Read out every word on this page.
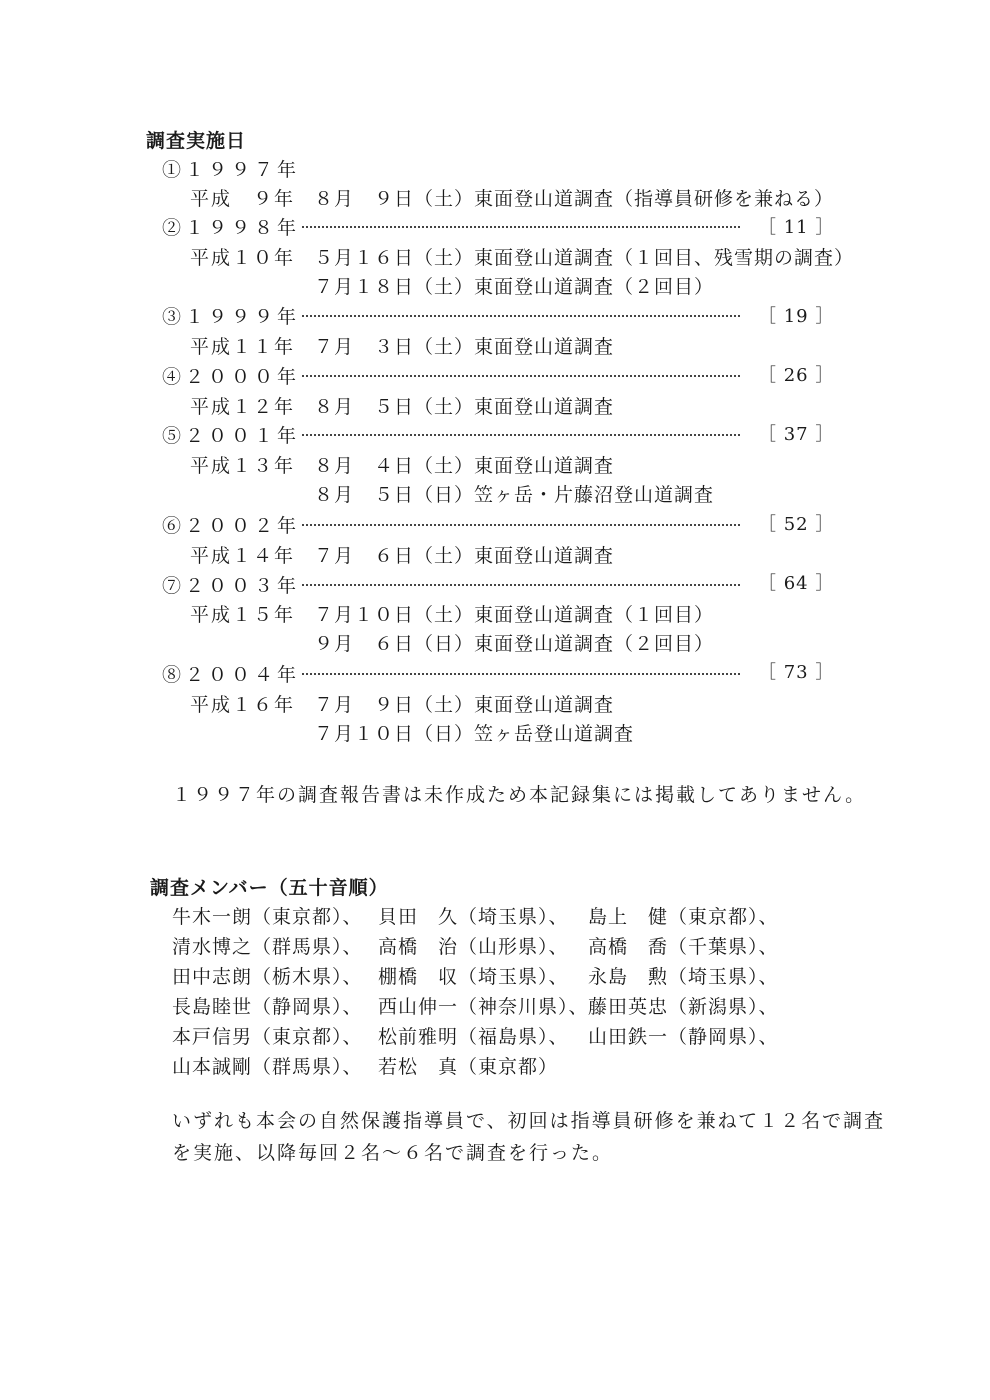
調査実施日
①１９９７年
平成　９年 ８月　９日（土）東面登山道調査（指導員研修を兼ねる）
②１９９８年	［ 11 ］
平成１０年 ５月１６日（土）東面登山道調査（１回目、残雪期の調査）
７月１８日（土）東面登山道調査（２回目）
③１９９９年	［ 19 ］
平成１１年 ７月　３日（土）東面登山道調査
④２０００年	［ 26 ］
平成１２年 ８月　５日（土）東面登山道調査
⑤２００１年	［ 37 ］
平成１３年 ８月　４日（土）東面登山道調査
８月　５日（日）笠ヶ岳・片藤沼登山道調査
⑥２００２年	［ 52 ］
平成１４年 ７月　６日（土）東面登山道調査
⑦２００３年	［ 64 ］
平成１５年 ７月１０日（土）東面登山道調査（１回目）
９月　６日（日）東面登山道調査（２回目）
⑧２００４年	［ 73 ］
平成１６年 ７月　９日（土）東面登山道調査
７月１０日（日）笠ヶ岳登山道調査
１９９７年の調査報告書は未作成ため本記録集には掲載してありません。
調査メンバー（五十音順）
牛木一朗（東京都）、 貝田　久（埼玉県）、 島上　健（東京都）、
清水博之（群馬県）、 高橋　治（山形県）、 高橋　喬（千葉県）、
田中志朗（栃木県）、 棚橋　収（埼玉県）、 永島　勲（埼玉県）、
長島睦世（静岡県）、 西山伸一（神奈川県）、 藤田英忠（新潟県）、
本戸信男（東京都）、 松前雅明（福島県）、 山田鉄一（静岡県）、
山本誠剛（群馬県）、 若松　真（東京都）
いずれも本会の自然保護指導員で、初回は指導員研修を兼ねて１２名で調査
を実施、以降毎回２名～６名で調査を行った。
